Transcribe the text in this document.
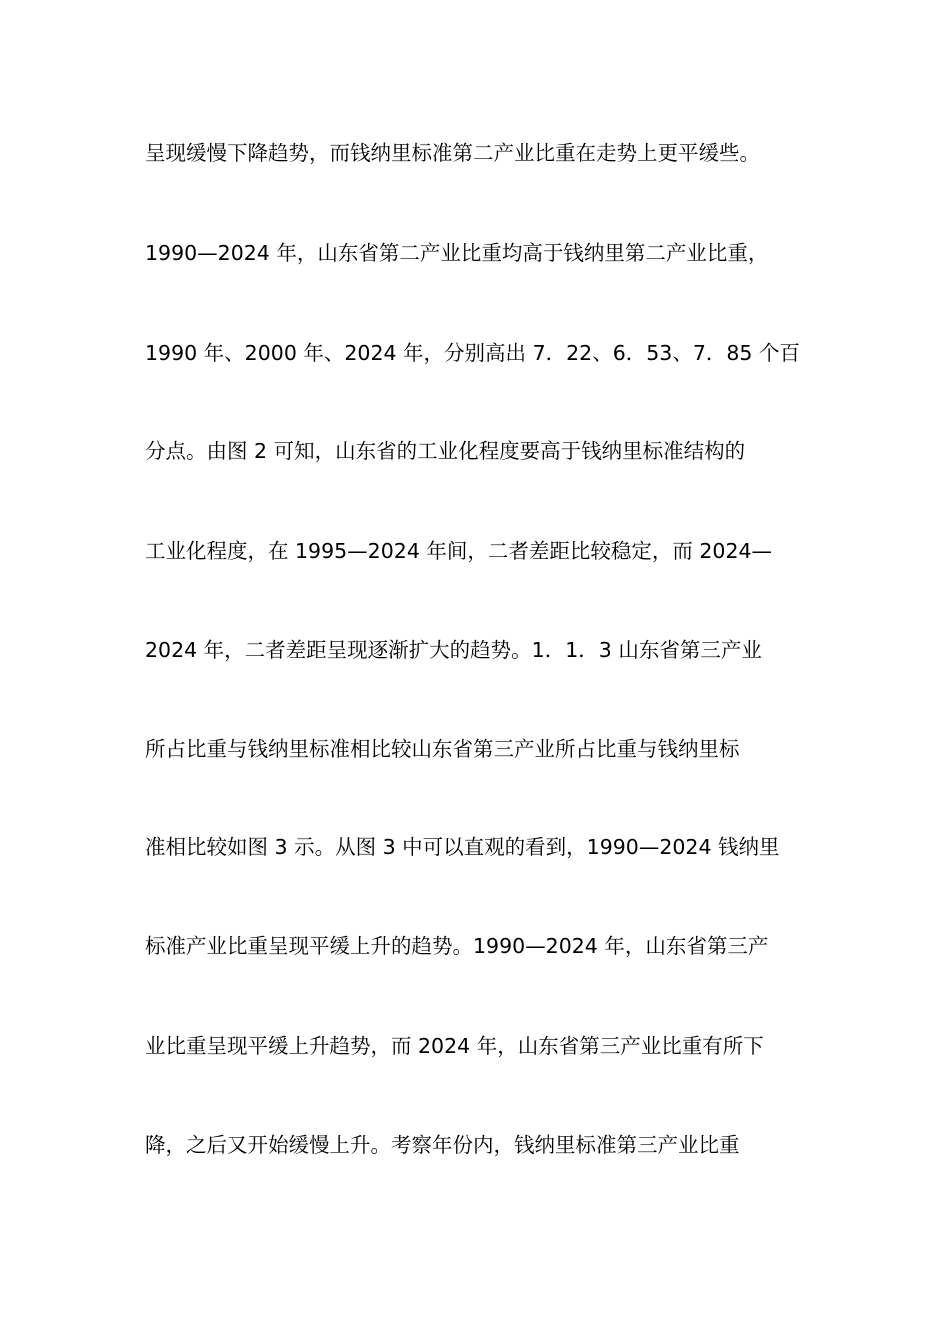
呈现缓慢下降趋势，而钱纳里标准第二产业比重在走势上更平缓些。

1990—2024 年，山东省第二产业比重均高于钱纳里第二产业比重，

1990 年、2000 年、2024 年，分别高出 7．22、6．53、7．85 个百

分点。由图 2 可知，山东省的工业化程度要高于钱纳里标准结构的

工业化程度，在 1995—2024 年间，二者差距比较稳定，而 2024—

2024 年，二者差距呈现逐渐扩大的趋势。1．1．3 山东省第三产业

所占比重与钱纳里标准相比较山东省第三产业所占比重与钱纳里标

准相比较如图 3 示。从图 3 中可以直观的看到，1990—2024 钱纳里

标准产业比重呈现平缓上升的趋势。1990—2024 年，山东省第三产

业比重呈现平缓上升趋势，而 2024 年，山东省第三产业比重有所下

降，之后又开始缓慢上升。考察年份内，钱纳里标准第三产业比重
